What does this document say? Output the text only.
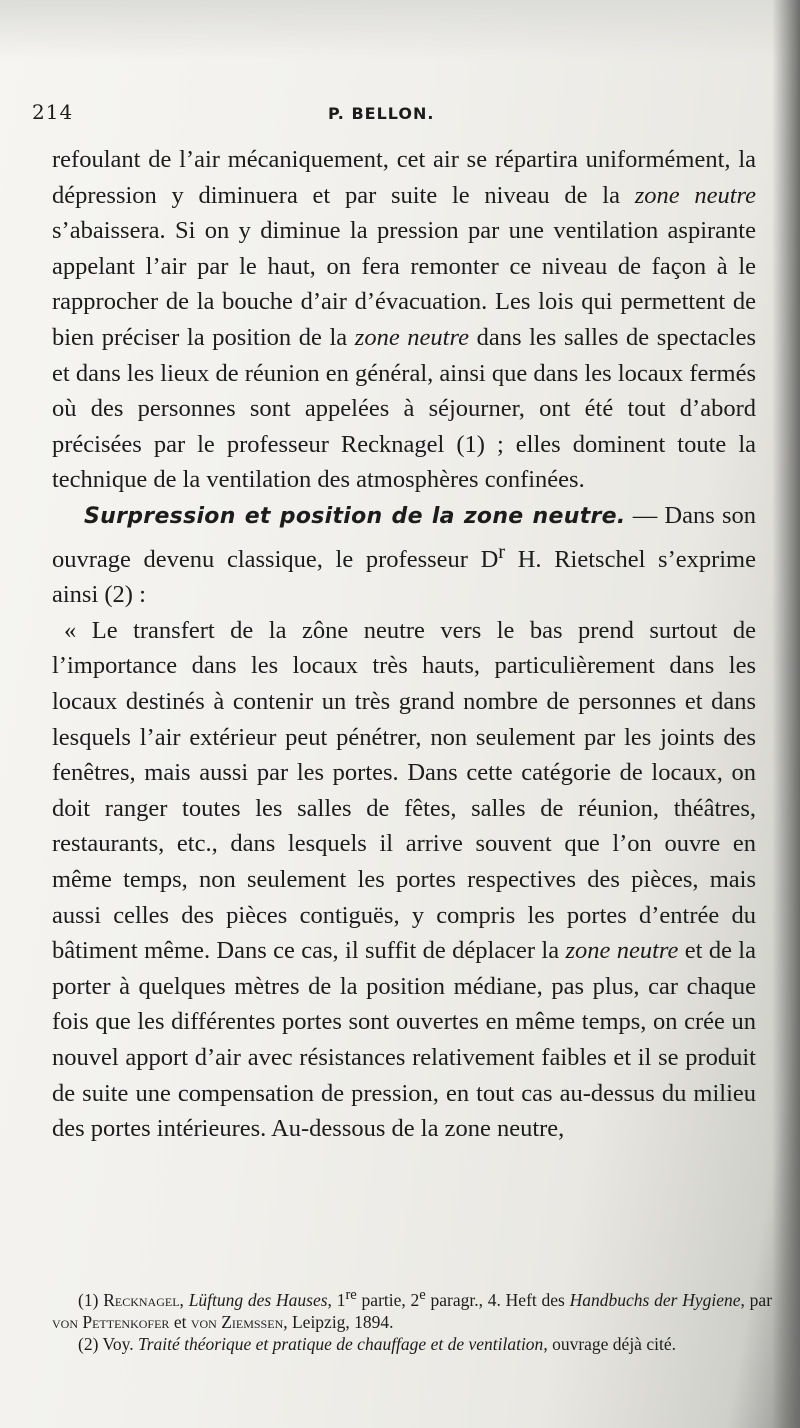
214	P. BELLON.

refoulant de l’air mécaniquement, cet air se répartira uniformément, la dépression y diminuera et par suite le niveau de la zone neutre s’abaissera. Si on y diminue la pression par une ventilation aspirante appelant l’air par le haut, on fera remonter ce niveau de façon à le rapprocher de la bouche d’air d’évacuation. Les lois qui permettent de bien préciser la position de la zone neutre dans les salles de spectacles et dans les lieux de réunion en général, ainsi que dans les locaux fermés où des personnes sont appelées à séjourner, ont été tout d’abord précisées par le professeur Recknagel (1) ; elles dominent toute la technique de la ventilation des atmosphères confinées.

Surpression et position de la zone neutre. — Dans son ouvrage devenu classique, le professeur $D^r$ H. Rietschel s’exprime ainsi (2) :

« Le transfert de la zône neutre vers le bas prend surtout de l’importance dans les locaux très hauts, particulièrement dans les locaux destinés à contenir un très grand nombre de personnes et dans lesquels l’air extérieur peut pénétrer, non seulement par les joints des fenêtres, mais aussi par les portes. Dans cette catégorie de locaux, on doit ranger toutes les salles de fêtes, salles de réunion, théâtres, restaurants, etc., dans lesquels il arrive souvent que l’on ouvre en même temps, non seulement les portes respectives des pièces, mais aussi celles des pièces contiguës, y compris les portes d’entrée du bâtiment même. Dans ce cas, il suffit de déplacer la zone neutre et de la porter à quelques mètres de la position médiane, pas plus, car chaque fois que les différentes portes sont ouvertes en même temps, on crée un nouvel apport d’air avec résistances relativement faibles et il se produit de suite une compensation de pression, en tout cas au-dessus du milieu des portes intérieures. Au-dessous de la zone neutre,

(1) Recknagel, Lüftung des Hauses, 1re partie, 2e paragr., 4. Heft des Handbuchs der Hygiene, par von Pettenkofer et von Ziemssen, Leipzig, 1894.

(2) Voy. Traité théorique et pratique de chauffage et de ventilation, ouvrage déjà cité.
